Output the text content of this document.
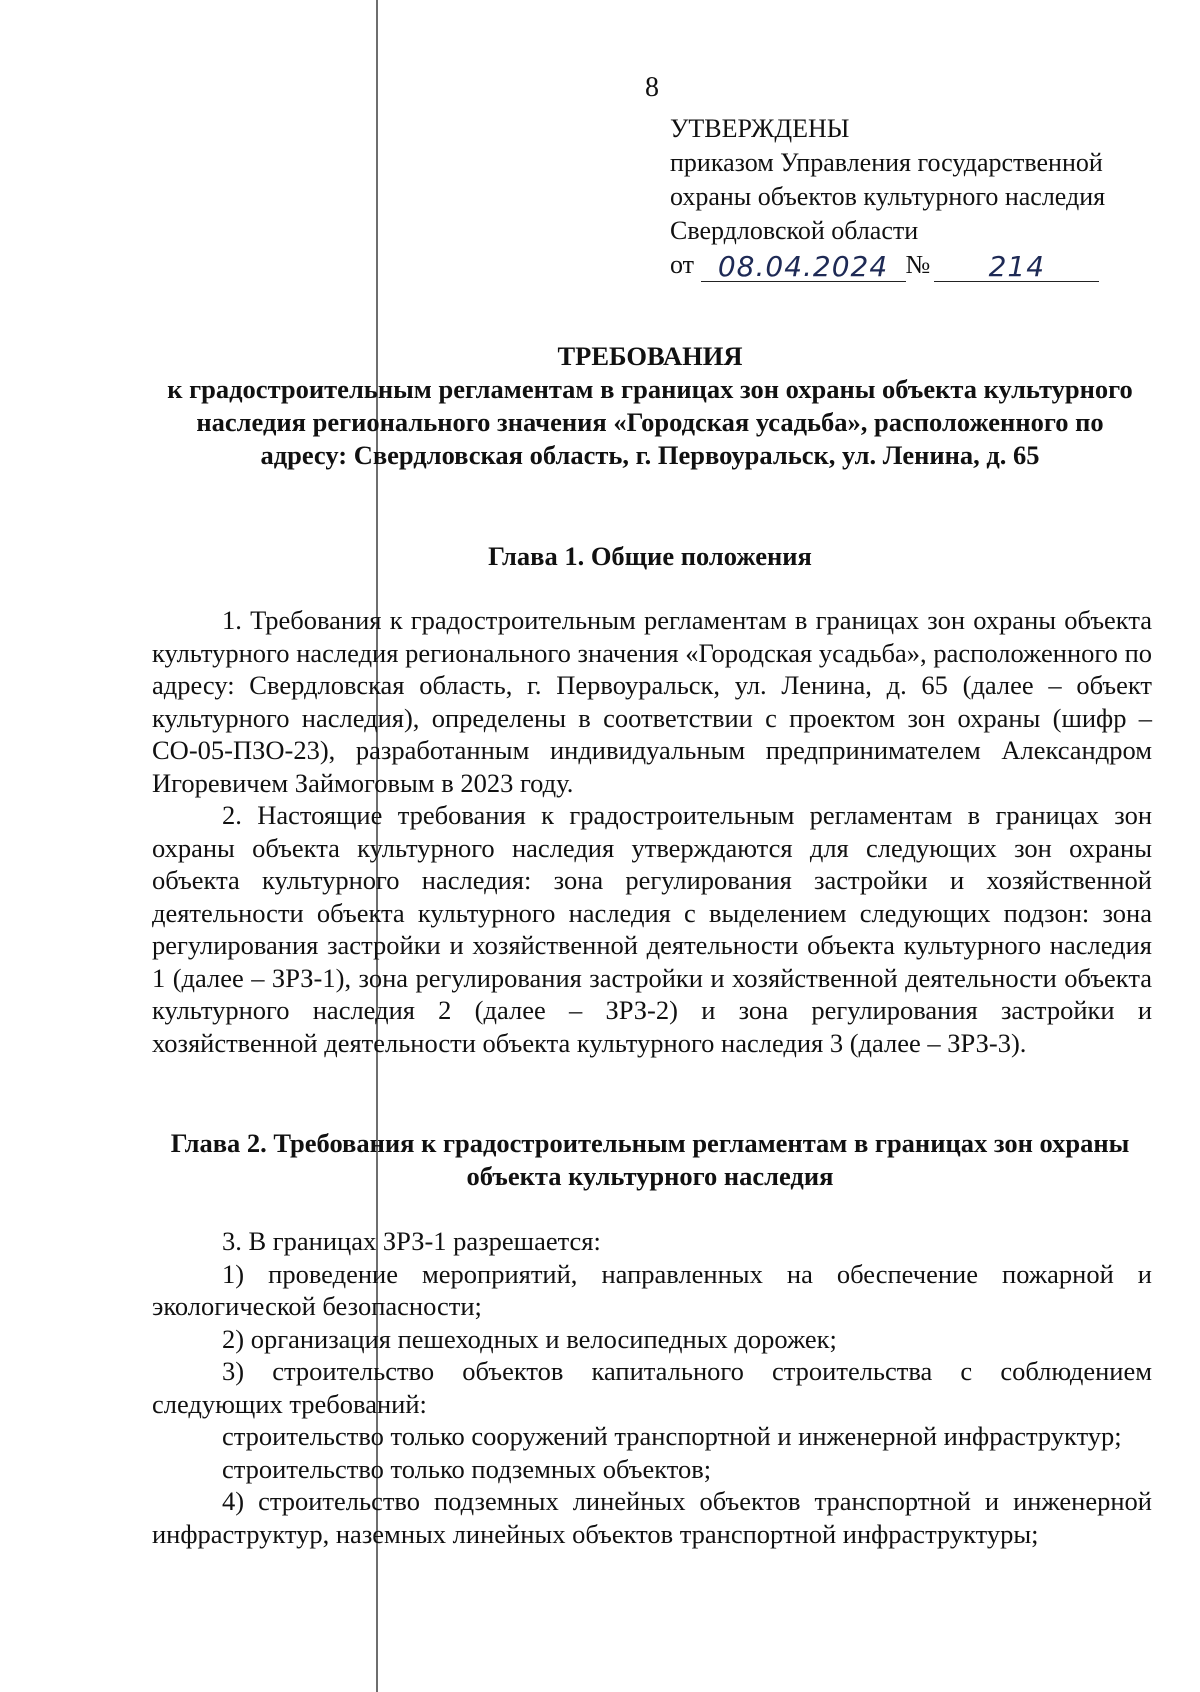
8
УТВЕРЖДЕНЫ
приказом Управления государственной
охраны объектов культурного наследия
Свердловской области
от
08.04.2024 №	214
ТРЕБОВАНИЯ
к градостроительным регламентам в границах зон охраны объекта культурного наследия регионального значения «Городская усадьба», расположенного по адресу: Свердловская область, г. Первоуральск, ул. Ленина, д. 65
Глава 1. Общие положения

1. Требования к градостроительным регламентам в границах зон охраны объекта культурного наследия регионального значения «Городская усадьба», расположенного по адресу: Свердловская область, г. Первоуральск, ул. Ленина, д. 65 (далее – объект культурного наследия), определены в соответствии с проектом зон охраны (шифр – СО-05-ПЗО-23), разработанным индивидуальным предпринимателем Александром Игоревичем Займоговым в 2023 году.

2. Настоящие требования к градостроительным регламентам в границах зон охраны объекта культурного наследия утверждаются для следующих зон охраны объекта культурного наследия: зона регулирования застройки и хозяйственной деятельности объекта культурного наследия с выделением следующих подзон: зона регулирования застройки и хозяйственной деятельности объекта культурного наследия 1 (далее – ЗРЗ-1), зона регулирования застройки и хозяйственной деятельности объекта культурного наследия 2 (далее – ЗРЗ-2) и зона регулирования застройки и хозяйственной деятельности объекта культурного наследия 3 (далее – ЗРЗ-3).

Глава 2. Требования к градостроительным регламентам в границах зон охраны объекта культурного наследия

3. В границах ЗРЗ-1 разрешается:

1) проведение мероприятий, направленных на обеспечение пожарной и экологической безопасности;

2) организация пешеходных и велосипедных дорожек;

3) строительство объектов капитального строительства с соблюдением следующих требований:

строительство только сооружений транспортной и инженерной инфраструктур;

строительство только подземных объектов;

4) строительство подземных линейных объектов транспортной и инженерной инфраструктур, наземных линейных объектов транспортной инфраструктуры;
